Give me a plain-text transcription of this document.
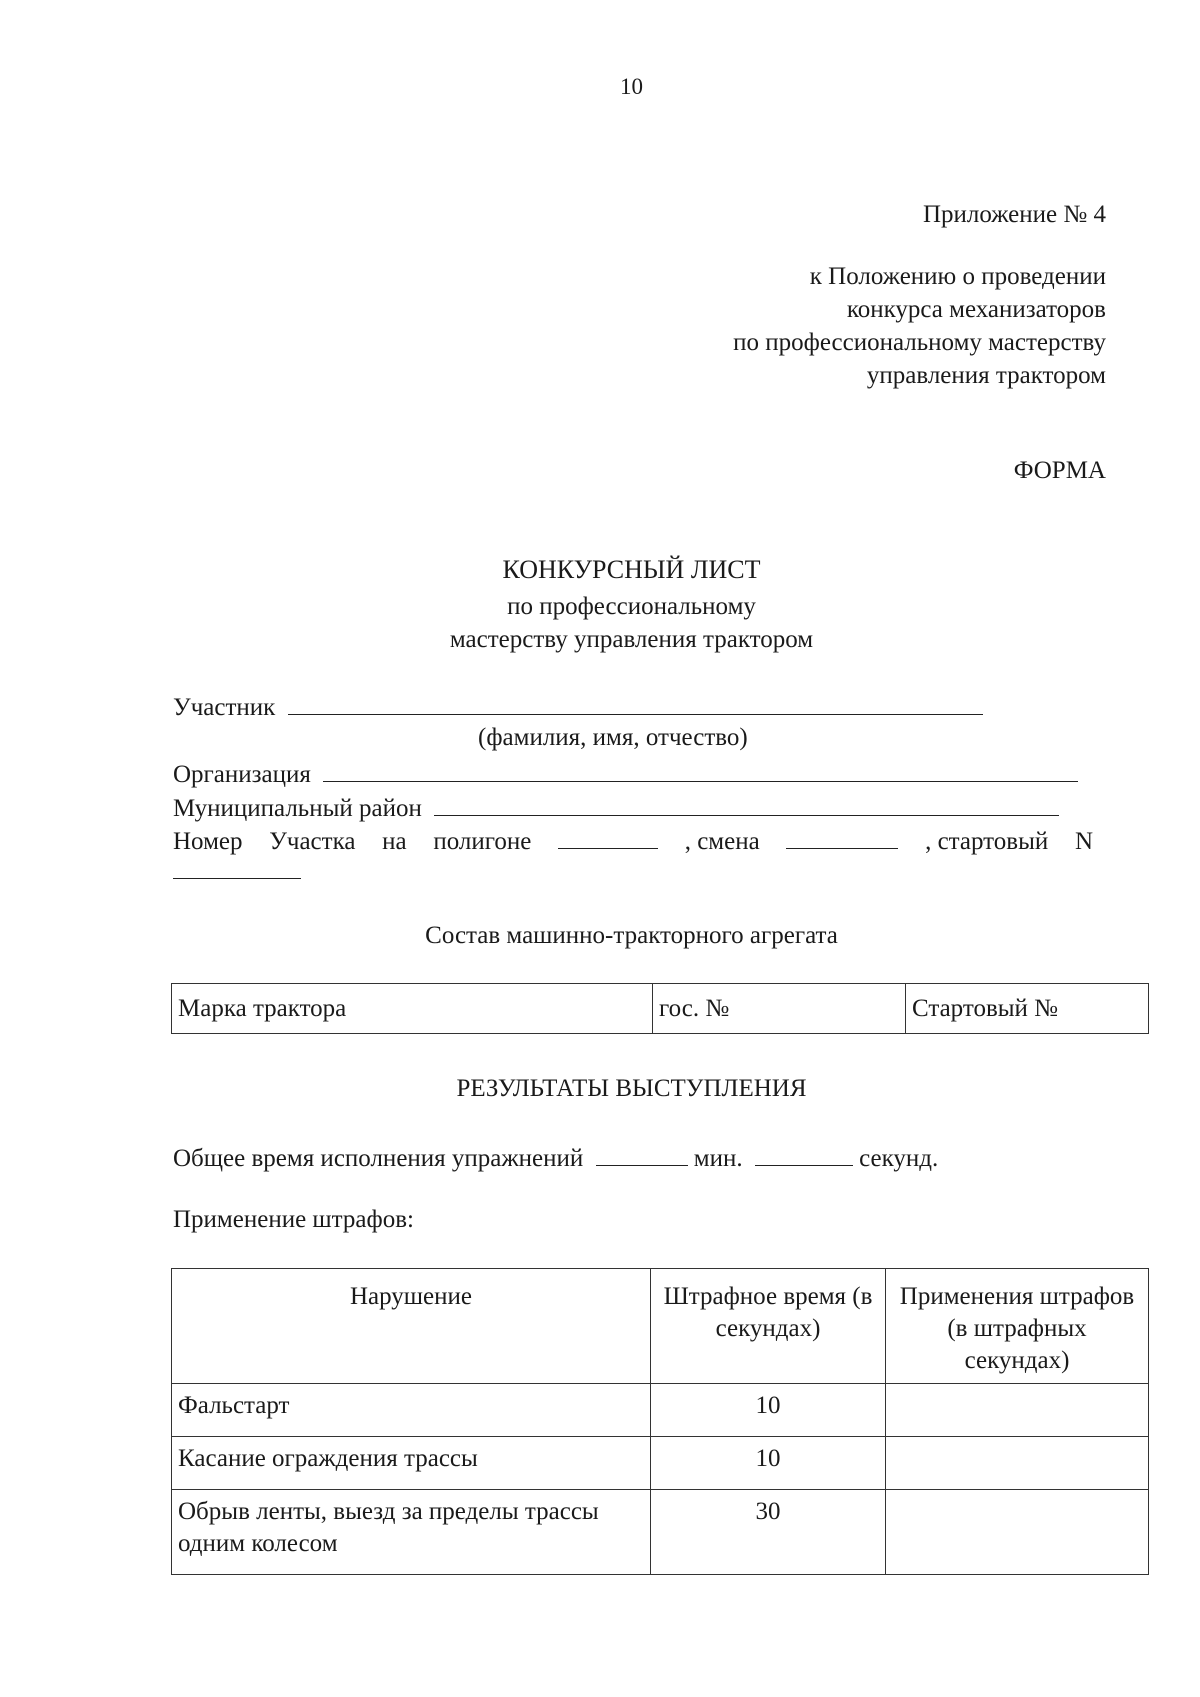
10
Приложение № 4
к Положению о проведении
конкурса механизаторов
по профессиональному мастерству
управления трактором
ФОРМА
КОНКУРСНЫЙ ЛИСТ
по профессиональному
мастерству управления трактором
Участник
(фамилия, имя, отчество)
Организация
Муниципальный район
Номер Участка на полигоне	, смена	, стартовый N
Состав машинно-тракторного агрегата
Марка трактора	гос. №	Стартовый №
РЕЗУЛЬТАТЫ ВЫСТУПЛЕНИЯ
Общее время исполнения упражнений	мин.	секунд.
Применение штрафов:
Нарушение	Штрафное время (в секундах)	Применения штрафов (в штрафных секундах)
Фальстарт	10	
Касание ограждения трассы	10	
Обрыв ленты, выезд за пределы трассы одним колесом	30	
